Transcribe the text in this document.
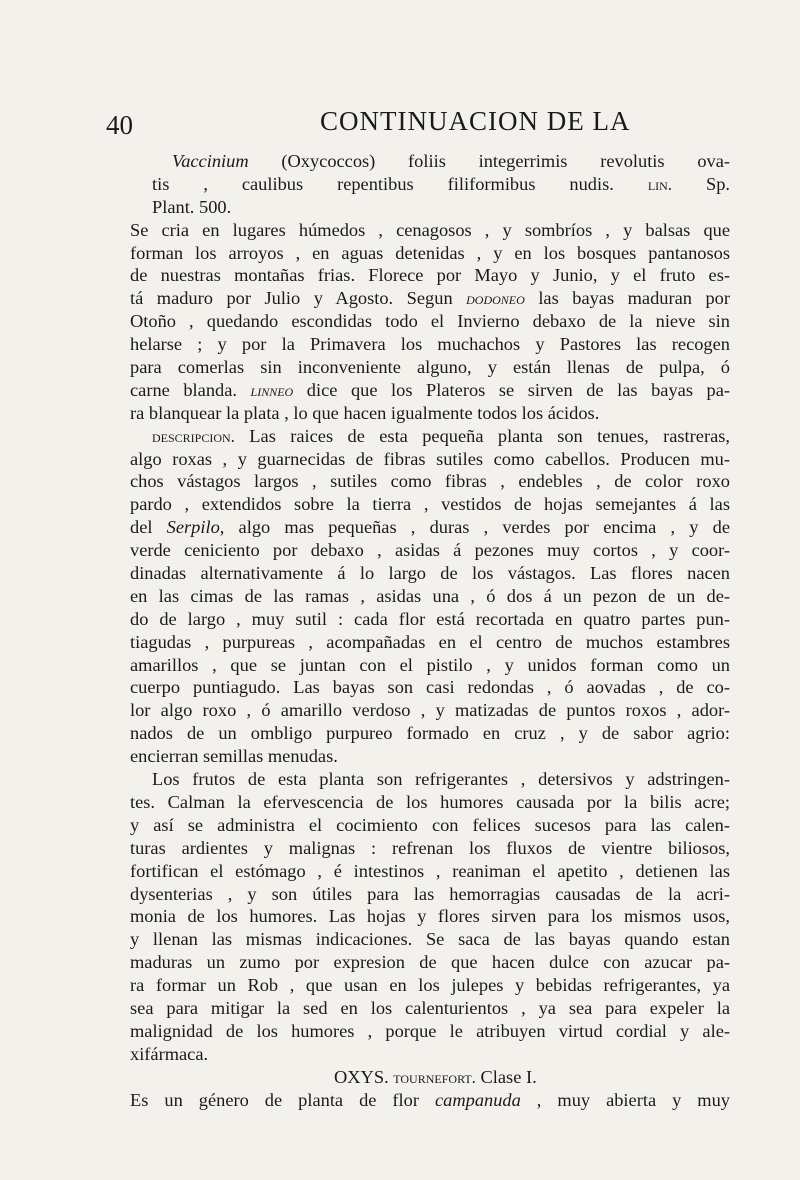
40	CONTINUACION DE LA
Vaccinium (Oxycoccos) foliis integerrimis revolutis ova-
tis , caulibus repentibus filiformibus nudis. lin. Sp.
Plant. 500.
Se cria en lugares húmedos , cenagosos , y sombríos , y balsas que
forman los arroyos , en aguas detenidas , y en los bosques pantanosos
de nuestras montañas frias. Florece por Mayo y Junio, y el fruto es-
tá maduro por Julio y Agosto. Segun dodoneo las bayas maduran por
Otoño , quedando escondidas todo el Invierno debaxo de la nieve sin
helarse ; y por la Primavera los muchachos y Pastores las recogen
para comerlas sin inconveniente alguno, y están llenas de pulpa, ó
carne blanda. linneo dice que los Plateros se sirven de las bayas pa-
ra blanquear la plata , lo que hacen igualmente todos los ácidos.
descripcion. Las raices de esta pequeña planta son tenues, rastreras,
algo roxas , y guarnecidas de fibras sutiles como cabellos. Producen mu-
chos vástagos largos , sutiles como fibras , endebles , de color roxo
pardo , extendidos sobre la tierra , vestidos de hojas semejantes á las
del Serpilo, algo mas pequeñas , duras , verdes por encima , y de
verde ceniciento por debaxo , asidas á pezones muy cortos , y coor-
dinadas alternativamente á lo largo de los vástagos. Las flores nacen
en las cimas de las ramas , asidas una , ó dos á un pezon de un de-
do de largo , muy sutil : cada flor está recortada en quatro partes pun-
tiagudas , purpureas , acompañadas en el centro de muchos estambres
amarillos , que se juntan con el pistilo , y unidos forman como un
cuerpo puntiagudo. Las bayas son casi redondas , ó aovadas , de co-
lor algo roxo , ó amarillo verdoso , y matizadas de puntos roxos , ador-
nados de un ombligo purpureo formado en cruz , y de sabor agrio:
encierran semillas menudas.
Los frutos de esta planta son refrigerantes , detersivos y adstringen-
tes. Calman la efervescencia de los humores causada por la bilis acre;
y así se administra el cocimiento con felices sucesos para las calen-
turas ardientes y malignas : refrenan los fluxos de vientre biliosos,
fortifican el estómago , é intestinos , reaniman el apetito , detienen las
dysenterias , y son útiles para las hemorragias causadas de la acri-
monia de los humores. Las hojas y flores sirven para los mismos usos,
y llenan las mismas indicaciones. Se saca de las bayas quando estan
maduras un zumo por expresion de que hacen dulce con azucar pa-
ra formar un Rob , que usan en los julepes y bebidas refrigerantes, ya
sea para mitigar la sed en los calenturientos , ya sea para expeler la
malignidad de los humores , porque le atribuyen virtud cordial y ale-
xifármaca.
OXYS. tournefort. Clase I.
Es un género de planta de flor campanuda , muy abierta y muy
